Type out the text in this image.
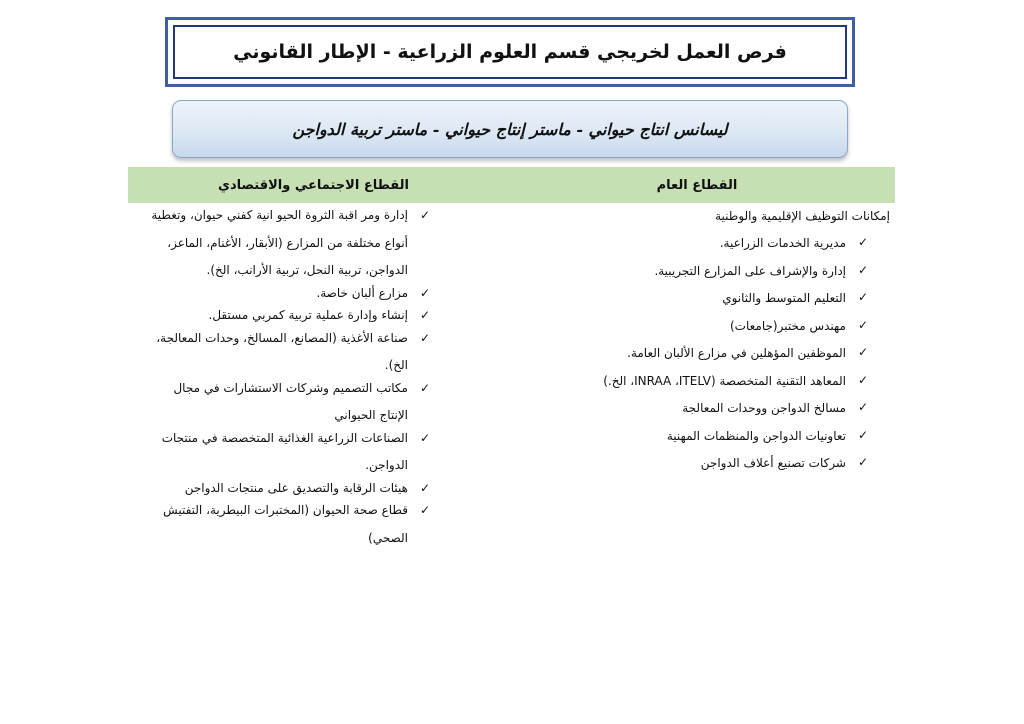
فرص العمل لخريجي قسم العلوم الزراعية - الإطار القانوني
ليسانس انتاج حيواني - ماستر إنتاج حيواني - ماستر تربية الدواجن
القطاع العام
القطاع الاجتماعي والاقتصادي
إمكانات التوظيف الإقليمية والوطنية
✓
مديرية الخدمات الزراعية.
✓
إدارة والإشراف على المزارع التجريبية.
✓
التعليم المتوسط والثانوي
✓
مهندس مختبر(جامعات)
✓
الموظفين المؤهلين في مزارع الألبان العامة.
✓
المعاهد التقنية المتخصصة (INRAA ،ITELV، الخ.)
✓
مسالخ الدواجن ووحدات المعالجة
✓
تعاونيات الدواجن والمنظمات المهنية
✓
شركات تصنيع أعلاف الدواجن
✓
إدارة ومر اقبة الثروة الحيو انية كفني حيوان، وتغطية أنواع مختلفة من المزارع (الأبقار، الأغنام، الماعز، الدواجن، تربية النحل، تربية الأرانب، الخ).
✓
مزارع ألبان خاصة.
✓
إنشاء وإدارة عملية تربية كمربي مستقل.
✓
صناعة الأغذية (المصانع، المسالخ، وحدات المعالجة، الخ).
✓
مكاتب التصميم وشركات الاستشارات في مجال الإنتاج الحيواني
✓
الصناعات الزراعية الغذائية المتخصصة في منتجات الدواجن.
✓
هيئات الرقابة والتصديق على منتجات الدواجن
✓
قطاع صحة الحيوان (المختبرات البيطرية، التفتيش الصحي)
